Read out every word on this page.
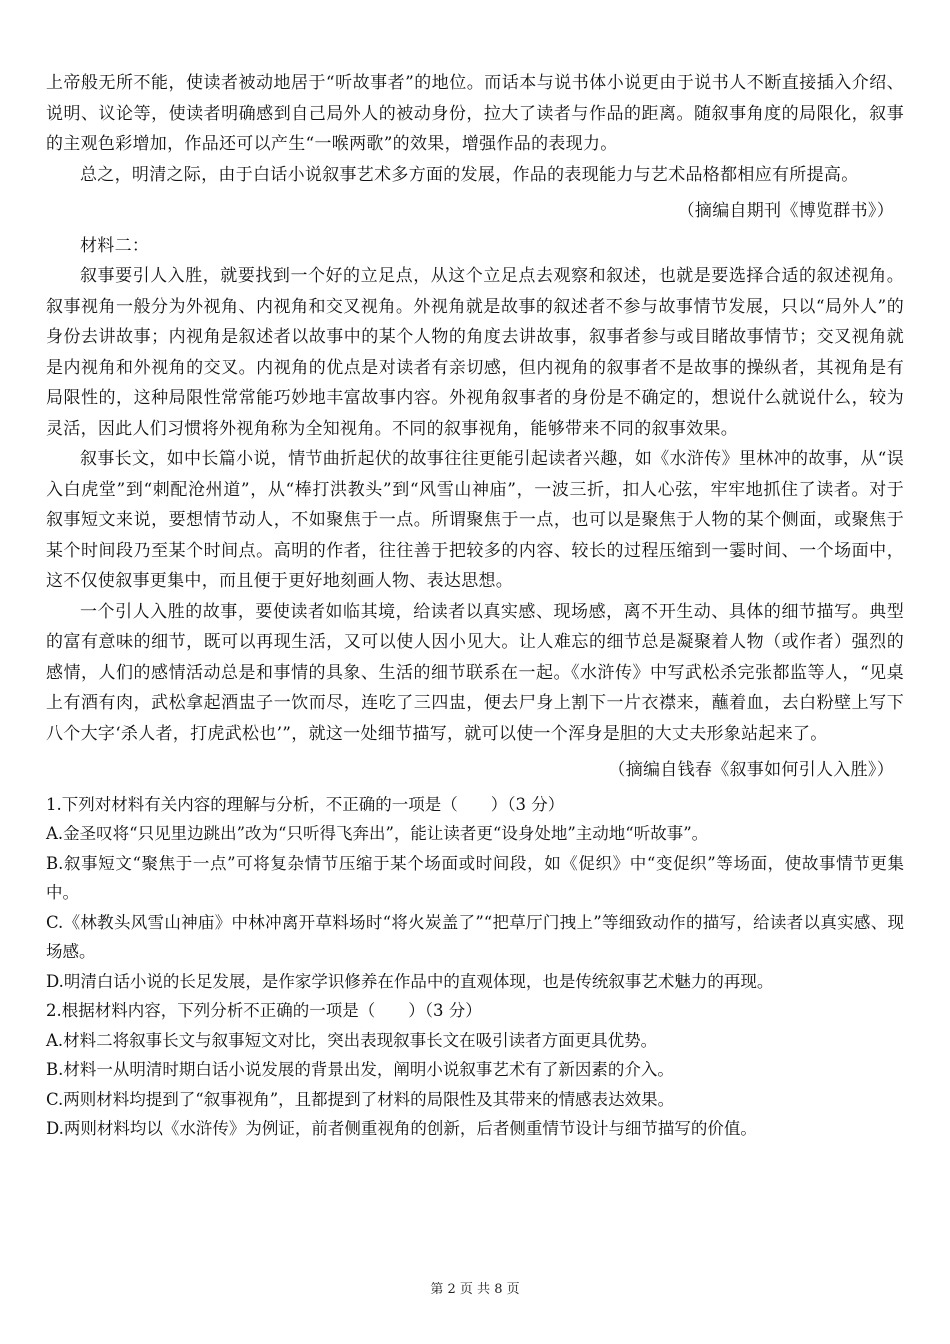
上帝般无所不能，使读者被动地居于“听故事者”的地位。而话本与说书体小说更由于说书人不断直接插入介绍、说明、议论等，使读者明确感到自己局外人的被动身份，拉大了读者与作品的距离。随叙事角度的局限化，叙事的主观色彩增加，作品还可以产生“一喉两歌”的效果，增强作品的表现力。

总之，明清之际，由于白话小说叙事艺术多方面的发展，作品的表现能力与艺术品格都相应有所提高。

（摘编自期刊《博览群书》）

材料二：

叙事要引人入胜，就要找到一个好的立足点，从这个立足点去观察和叙述，也就是要选择合适的叙述视角。叙事视角一般分为外视角、内视角和交叉视角。外视角就是故事的叙述者不参与故事情节发展，只以“局外人”的身份去讲故事；内视角是叙述者以故事中的某个人物的角度去讲故事，叙事者参与或目睹故事情节；交叉视角就是内视角和外视角的交叉。内视角的优点是对读者有亲切感，但内视角的叙事者不是故事的操纵者，其视角是有局限性的，这种局限性常常能巧妙地丰富故事内容。外视角叙事者的身份是不确定的，想说什么就说什么，较为灵活，因此人们习惯将外视角称为全知视角。不同的叙事视角，能够带来不同的叙事效果。

叙事长文，如中长篇小说，情节曲折起伏的故事往往更能引起读者兴趣，如《水浒传》里林冲的故事，从“误入白虎堂”到“刺配沧州道”，从“棒打洪教头”到“风雪山神庙”，一波三折，扣人心弦，牢牢地抓住了读者。对于叙事短文来说，要想情节动人，不如聚焦于一点。所谓聚焦于一点，也可以是聚焦于人物的某个侧面，或聚焦于某个时间段乃至某个时间点。高明的作者，往往善于把较多的内容、较长的过程压缩到一霎时间、一个场面中，这不仅使叙事更集中，而且便于更好地刻画人物、表达思想。

一个引人入胜的故事，要使读者如临其境，给读者以真实感、现场感，离不开生动、具体的细节描写。典型的富有意味的细节，既可以再现生活，又可以使人因小见大。让人难忘的细节总是凝聚着人物（或作者）强烈的感情，人们的感情活动总是和事情的具象、生活的细节联系在一起。《水浒传》中写武松杀完张都监等人，“见桌上有酒有肉，武松拿起酒盅子一饮而尽，连吃了三四盅，便去尸身上割下一片衣襟来，蘸着血，去白粉壁上写下八个大字‘杀人者，打虎武松也’”，就这一处细节描写，就可以使一个浑身是胆的大丈夫形象站起来了。

（摘编自钱春《叙事如何引人入胜》）

1.下列对材料有关内容的理解与分析，不正确的一项是（　　）（3 分）

A.金圣叹将“只见里边跳出”改为“只听得飞奔出”，能让读者更“设身处地”主动地“听故事”。

B.叙事短文“聚焦于一点”可将复杂情节压缩于某个场面或时间段，如《促织》中“变促织”等场面，使故事情节更集中。

C.《林教头风雪山神庙》中林冲离开草料场时“将火炭盖了”“把草厅门拽上”等细致动作的描写，给读者以真实感、现场感。

D.明清白话小说的长足发展，是作家学识修养在作品中的直观体现，也是传统叙事艺术魅力的再现。

2.根据材料内容，下列分析不正确的一项是（　　）（3 分）

A.材料二将叙事长文与叙事短文对比，突出表现叙事长文在吸引读者方面更具优势。

B.材料一从明清时期白话小说发展的背景出发，阐明小说叙事艺术有了新因素的介入。

C.两则材料均提到了“叙事视角”，且都提到了材料的局限性及其带来的情感表达效果。

D.两则材料均以《水浒传》为例证，前者侧重视角的创新，后者侧重情节设计与细节描写的价值。

第 2 页 共 8 页
